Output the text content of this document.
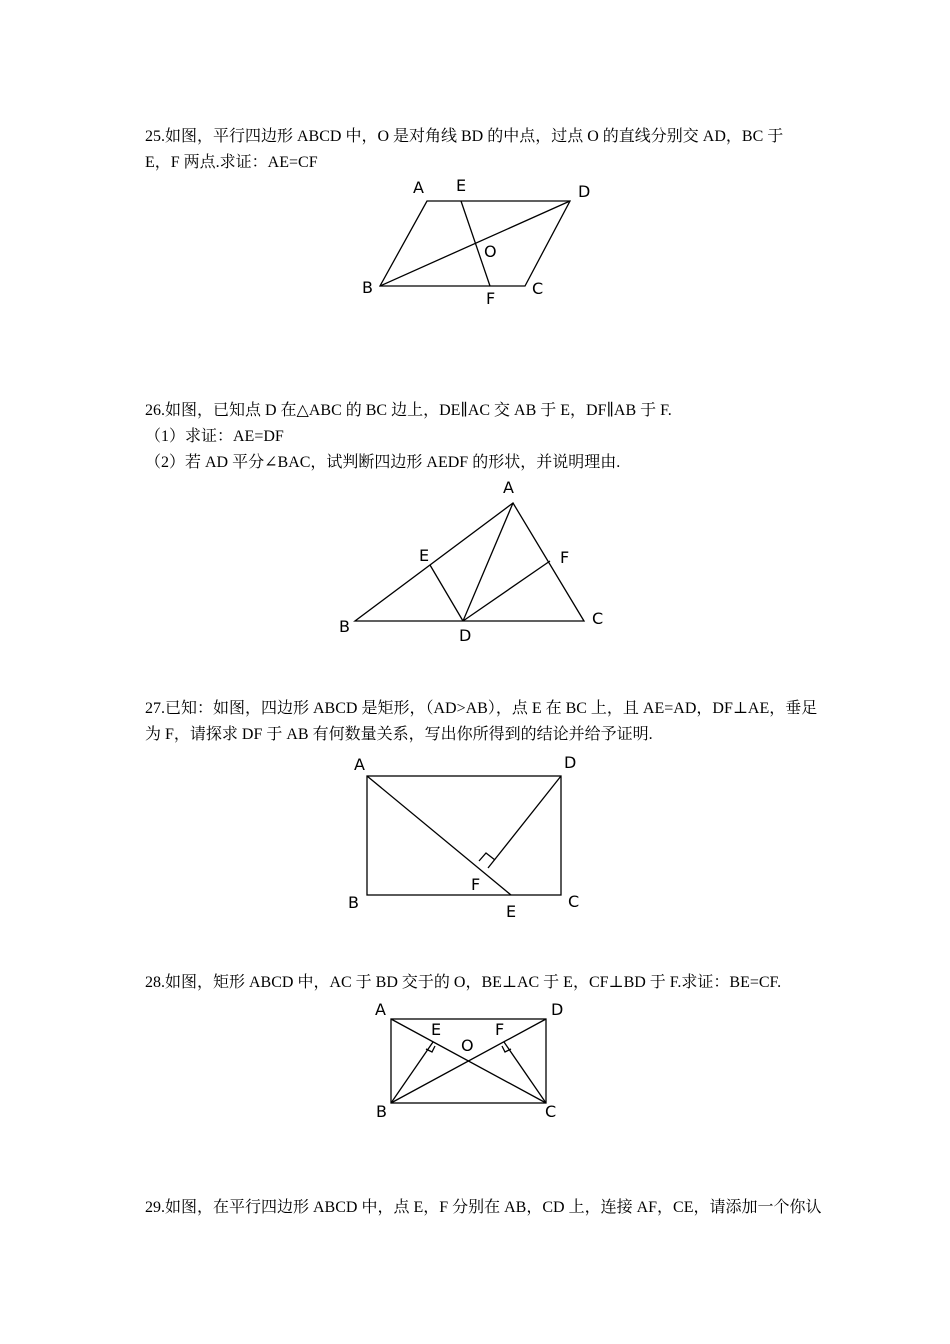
25.如图，平行四边形 ABCD 中，O 是对角线 BD 的中点，过点 O 的直线分别交 AD，BC 于
E，F 两点.求证：AE=CF
A E	D
O
B
F
C
26.如图，已知点 D 在△ABC 的 BC 边上，DE∥AC 交 AB 于 E，DF∥AB 于 F.
（1）求证：AE=DF
（2）若 AD 平分∠BAC，试判断四边形 AEDF 的形状，并说明理由.
A
E	F
B	D
C
27.已知：如图，四边形 ABCD 是矩形，（AD>AB），点 E 在 BC 上，且 AE=AD，DF⊥AE，垂足
为 F，请探求 DF 于 AB 有何数量关系，写出你所得到的结论并给予证明.
A	D
F
B	E
C
28.如图，矩形 ABCD 中，AC 于 BD 交于的 O，BE⊥AC 于 E，CF⊥BD 于 F.求证：BE=CF.
A	D
E	F
O
B	C
29.如图，在平行四边形 ABCD 中，点 E，F 分别在 AB，CD 上，连接 AF，CE，请添加一个你认
